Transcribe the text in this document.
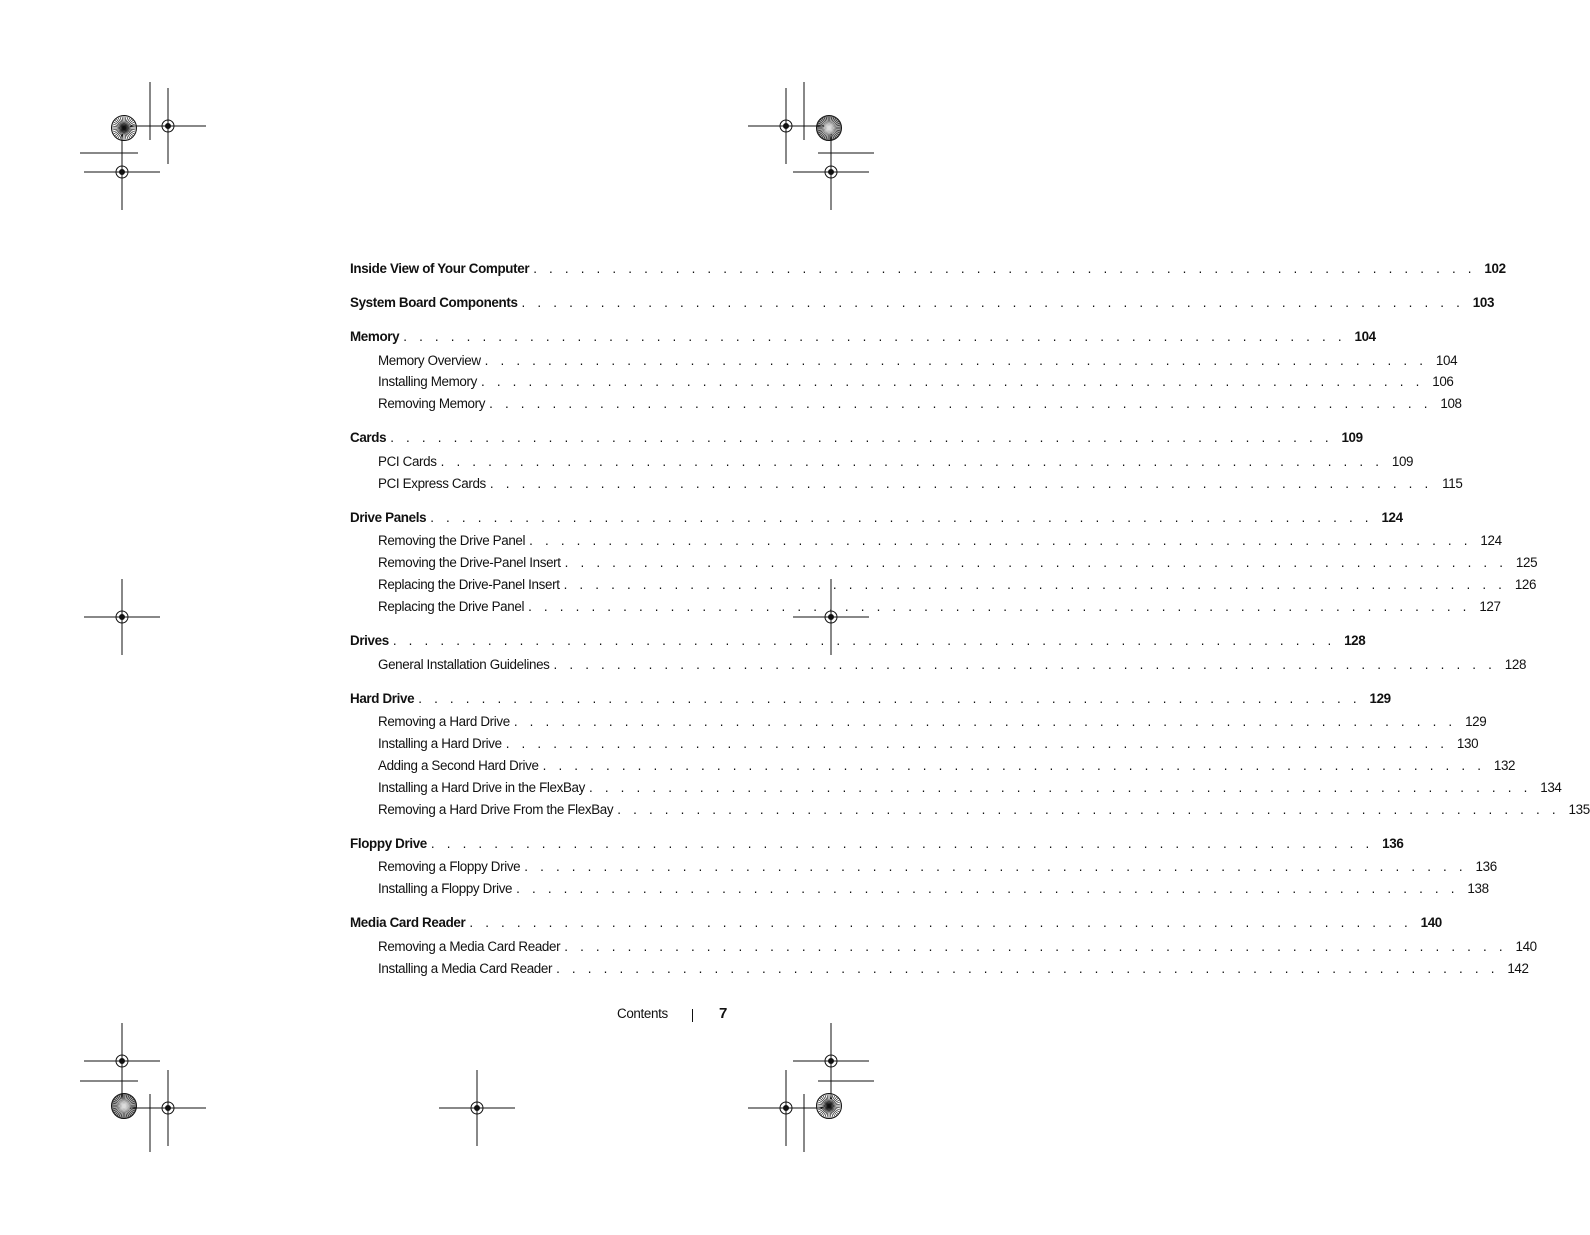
Inside View of Your Computer . . . . . . . . . . . . . . . . . . . . . . . . . . . . . . . . . . . . . . . . . . . . . . . . . . . . . . . . . . . . 102
System Board Components . . . . . . . . . . . . . . . . . . . . . . . . . . . . . . . . . . . . . . . . . . . . . . . . . . . . . . . . . . . . 103
Memory . . . . . . . . . . . . . . . . . . . . . . . . . . . . . . . . . . . . . . . . . . . . . . . . . . . . . . . . . . . . 104
Memory Overview . . . . . . . . . . . . . . . . . . . . . . . . . . . . . . . . . . . . . . . . . . . . . . . . . . . . . . . . . . . . 104
Installing Memory . . . . . . . . . . . . . . . . . . . . . . . . . . . . . . . . . . . . . . . . . . . . . . . . . . . . . . . . . . . . 106
Removing Memory . . . . . . . . . . . . . . . . . . . . . . . . . . . . . . . . . . . . . . . . . . . . . . . . . . . . . . . . . . . . 108
Cards . . . . . . . . . . . . . . . . . . . . . . . . . . . . . . . . . . . . . . . . . . . . . . . . . . . . . . . . . . . . 109
PCI Cards . . . . . . . . . . . . . . . . . . . . . . . . . . . . . . . . . . . . . . . . . . . . . . . . . . . . . . . . . . . . 109
PCI Express Cards . . . . . . . . . . . . . . . . . . . . . . . . . . . . . . . . . . . . . . . . . . . . . . . . . . . . . . . . . . . . 115
Drive Panels . . . . . . . . . . . . . . . . . . . . . . . . . . . . . . . . . . . . . . . . . . . . . . . . . . . . . . . . . . . . 124
Removing the Drive Panel . . . . . . . . . . . . . . . . . . . . . . . . . . . . . . . . . . . . . . . . . . . . . . . . . . . . . . . . . . . . 124
Removing the Drive-Panel Insert . . . . . . . . . . . . . . . . . . . . . . . . . . . . . . . . . . . . . . . . . . . . . . . . . . . . . . . . . . . . 125
Replacing the Drive-Panel Insert . . . . . . . . . . . . . . . . . . . . . . . . . . . . . . . . . . . . . . . . . . . . . . . . . . . . . . . . . . . . 126
Replacing the Drive Panel . . . . . . . . . . . . . . . . . . . . . . . . . . . . . . . . . . . . . . . . . . . . . . . . . . . . . . . . . . . . 127
Drives . . . . . . . . . . . . . . . . . . . . . . . . . . . . . . . . . . . . . . . . . . . . . . . . . . . . . . . . . . . . 128
General Installation Guidelines . . . . . . . . . . . . . . . . . . . . . . . . . . . . . . . . . . . . . . . . . . . . . . . . . . . . . . . . . . . . 128
Hard Drive . . . . . . . . . . . . . . . . . . . . . . . . . . . . . . . . . . . . . . . . . . . . . . . . . . . . . . . . . . . . 129
Removing a Hard Drive . . . . . . . . . . . . . . . . . . . . . . . . . . . . . . . . . . . . . . . . . . . . . . . . . . . . . . . . . . . . 129
Installing a Hard Drive . . . . . . . . . . . . . . . . . . . . . . . . . . . . . . . . . . . . . . . . . . . . . . . . . . . . . . . . . . . . 130
Adding a Second Hard Drive . . . . . . . . . . . . . . . . . . . . . . . . . . . . . . . . . . . . . . . . . . . . . . . . . . . . . . . . . . . . 132
Installing a Hard Drive in the FlexBay . . . . . . . . . . . . . . . . . . . . . . . . . . . . . . . . . . . . . . . . . . . . . . . . . . . . . . . . . . . . 134
Removing a Hard Drive From the FlexBay . . . . . . . . . . . . . . . . . . . . . . . . . . . . . . . . . . . . . . . . . . . . . . . . . . . . . . . . . . . . 135
Floppy Drive . . . . . . . . . . . . . . . . . . . . . . . . . . . . . . . . . . . . . . . . . . . . . . . . . . . . . . . . . . . . 136
Removing a Floppy Drive . . . . . . . . . . . . . . . . . . . . . . . . . . . . . . . . . . . . . . . . . . . . . . . . . . . . . . . . . . . . 136
Installing a Floppy Drive . . . . . . . . . . . . . . . . . . . . . . . . . . . . . . . . . . . . . . . . . . . . . . . . . . . . . . . . . . . . 138
Media Card Reader . . . . . . . . . . . . . . . . . . . . . . . . . . . . . . . . . . . . . . . . . . . . . . . . . . . . . . . . . . . . 140
Removing a Media Card Reader . . . . . . . . . . . . . . . . . . . . . . . . . . . . . . . . . . . . . . . . . . . . . . . . . . . . . . . . . . . . 140
Installing a Media Card Reader . . . . . . . . . . . . . . . . . . . . . . . . . . . . . . . . . . . . . . . . . . . . . . . . . . . . . . . . . . . . 142
Contents	7
